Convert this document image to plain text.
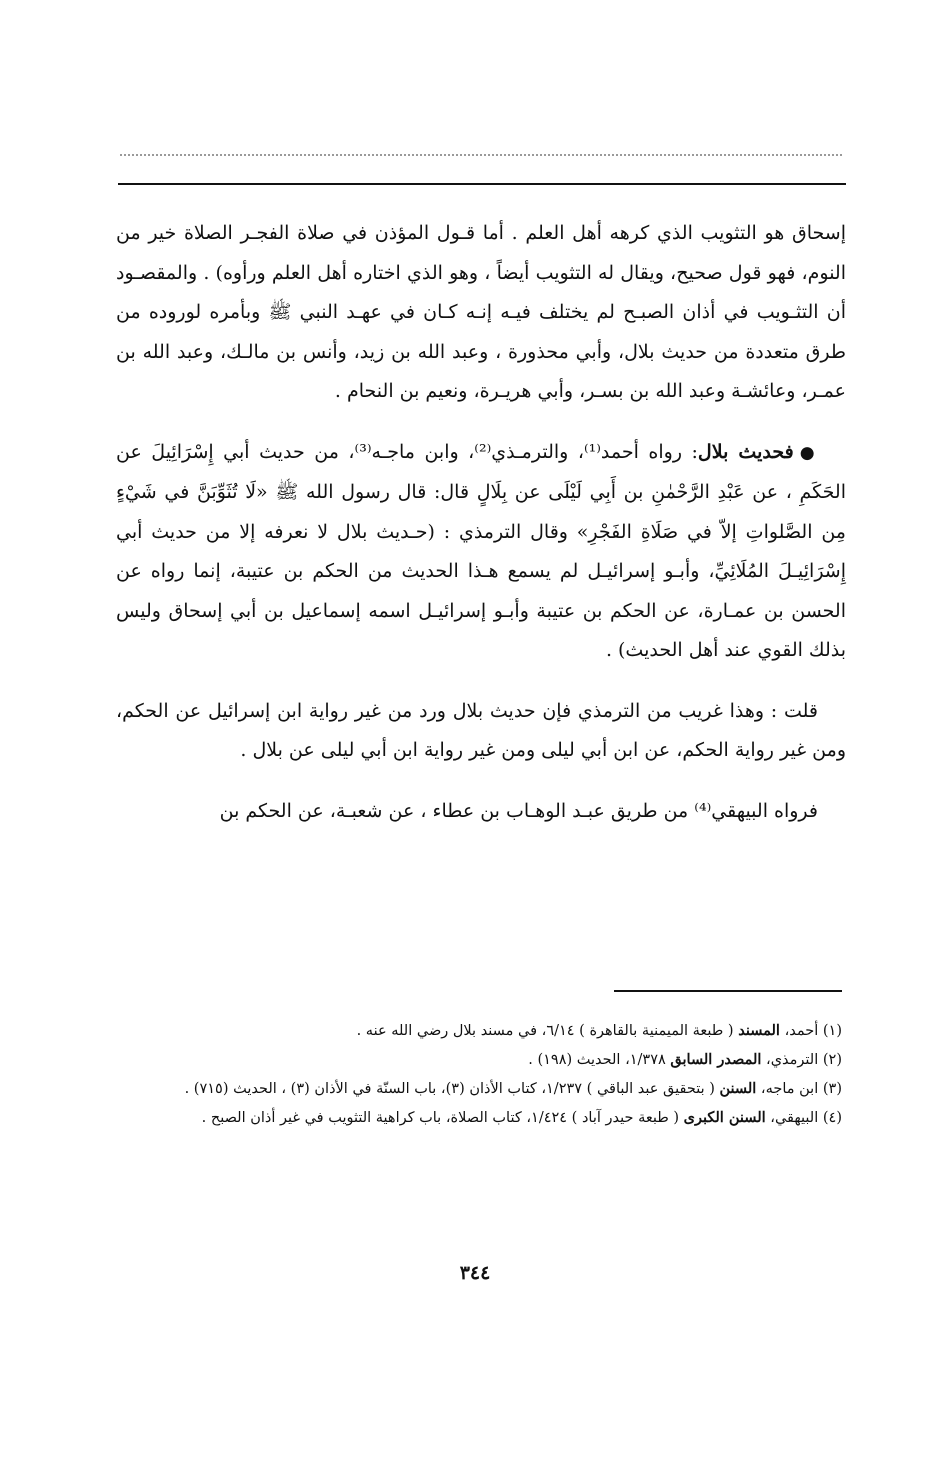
إسحاق هو التثويب الذي كرهه أهل العلم . أما قـول المؤذن في صلاة الفجـر الصلاة خير من النوم، فهو قول صحيح، ويقال له التثويب أيضاً ، وهو الذي اختاره أهل العلم ورأوه) . والمقصـود أن التثـويب في أذان الصبـح لم يختلف فيـه إنـه كـان في عهـد النبي ﷺ وبأمره لوروده من طرق متعددة من حديث بلال، وأبي محذورة ، وعبد الله بن زيد، وأنس بن مالـك، وعبد الله بن عمـر، وعائشـة وعبد الله بن بسـر، وأبي هريـرة، ونعيم بن النحام .

●فحديث بلال: رواه أحمد⁽¹⁾، والترمـذي⁽²⁾، وابن ماجـه⁽³⁾، من حديث أبي إِسْرَائِيلَ عن الحَكَمِ ، عن عَبْدِ الرَّحْمٰنِ بن أَبِي لَيْلَى عن بِلَالٍ قال: قال رسول الله ﷺ «لَا تُثَوِّبَنَّ في شَيْءٍ مِن الصَّلواتِ إلاّ في صَلَاةِ الفَجْرِ» وقال الترمذي : (حـديث بلال لا نعرفه إلا من حديث أبي إِسْرَائِيـلَ المُلَائِيِّ، وأبـو إسرائيـل لم يسمع هـذا الحديث من الحكم بن عتيبة، إنما رواه عن الحسن بن عمـارة، عن الحكم بن عتيبة وأبـو إسرائيـل اسمه إسماعيل بن أبي إسحاق وليس بذلك القوي عند أهل الحديث) .

قلت : وهذا غريب من الترمذي فإن حديث بلال ورد من غير رواية ابن إسرائيل عن الحكم، ومن غير رواية الحكم، عن ابن أبي ليلى ومن غير رواية ابن أبي ليلى عن بلال .

فرواه البيهقي⁽⁴⁾ من طريق عبـد الوهـاب بن عطاء ، عن شعبـة، عن الحكم بن

(١) أحمد، المسند ( طبعة الميمنية بالقاهرة ) ٦/١٤، في مسند بلال رضي الله عنه .
(٢) الترمذي، المصدر السابق ١/٣٧٨، الحديث (١٩٨) .
(٣) ابن ماجه، السنن ( بتحقيق عبد الباقي ) ١/٢٣٧، كتاب الأذان (٣)، باب السنّة في الأذان (٣) ، الحديث (٧١٥) .
(٤) البيهقي، السنن الكبرى ( طبعة حيدر آباد ) ١/٤٢٤، كتاب الصلاة، باب كراهية التثويب في غير أذان الصبح .
٣٤٤
